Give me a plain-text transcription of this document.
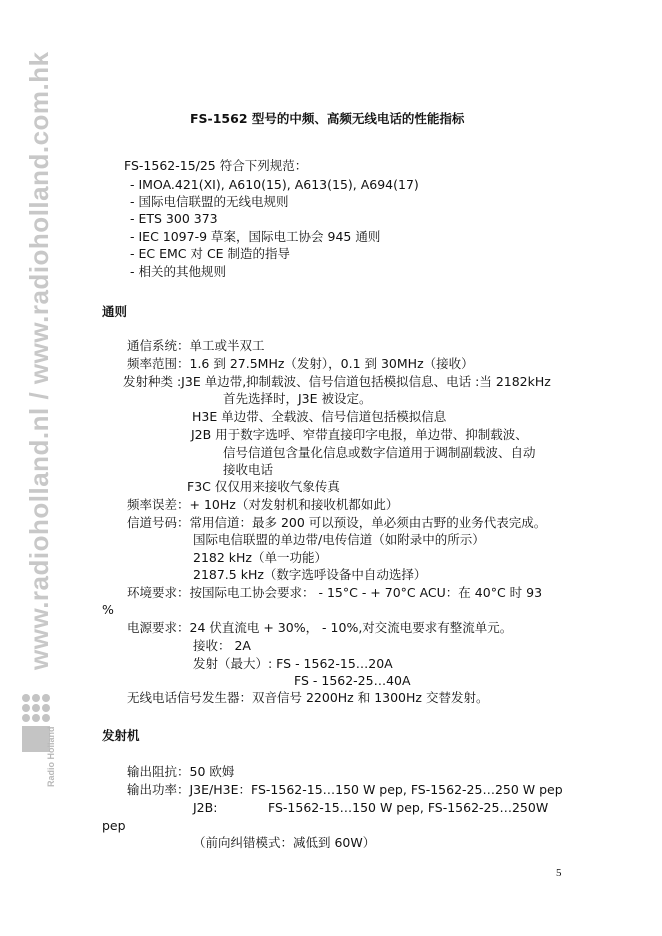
www.radioholland.nl / www.radioholland.com.hk
Radio Holland
FS-1562 型号的中频、高频无线电话的性能指标
FS-1562-15/25 符合下列规范：
- IMOA.421(XI), A610(15), A613(15), A694(17)
- 国际电信联盟的无线电规则
- ETS 300 373
- IEC 1097-9 草案，国际电工协会 945 通则
- EC EMC 对 CE 制造的指导
- 相关的其他规则
通则
通信系统：单工或半双工
频率范围：1.6 到 27.5MHz（发射），0.1 到 30MHz（接收）
发射种类 :J3E 单边带,抑制载波、信号信道包括模拟信息、电话 :当 2182kHz
首先选择时，J3E 被设定。
H3E 单边带、全载波、信号信道包括模拟信息
J2B 用于数字选呼、窄带直接印字电报，单边带、抑制载波、
信号信道包含量化信息或数字信道用于调制副载波、自动
接收电话
F3C 仅仅用来接收气象传真
频率误差：+ 10Hz（对发射机和接收机都如此）
信道号码：常用信道：最多 200 可以预设，单必须由古野的业务代表完成。
国际电信联盟的单边带/电传信道（如附录中的所示）
2182 kHz（单一功能）
2187.5 kHz（数字选呼设备中自动选择）
环境要求：按国际电工协会要求： - 15°C - + 70°C ACU：在 40°C 时 93
%
电源要求：24 伏直流电 + 30%， - 10%,对交流电要求有整流单元。
接收： 2A
发射（最大）: FS - 1562-15…20A
FS - 1562-25…40A
无线电话信号发生器：双音信号 2200Hz 和 1300Hz 交替发射。
发射机
输出阻抗：50 欧姆
输出功率：J3E/H3E：FS-1562-15…150 W pep, FS-1562-25…250 W pep
J2B:	FS-1562-15…150 W pep, FS-1562-25…250W
pep
（前向纠错模式：减低到 60W）
5
